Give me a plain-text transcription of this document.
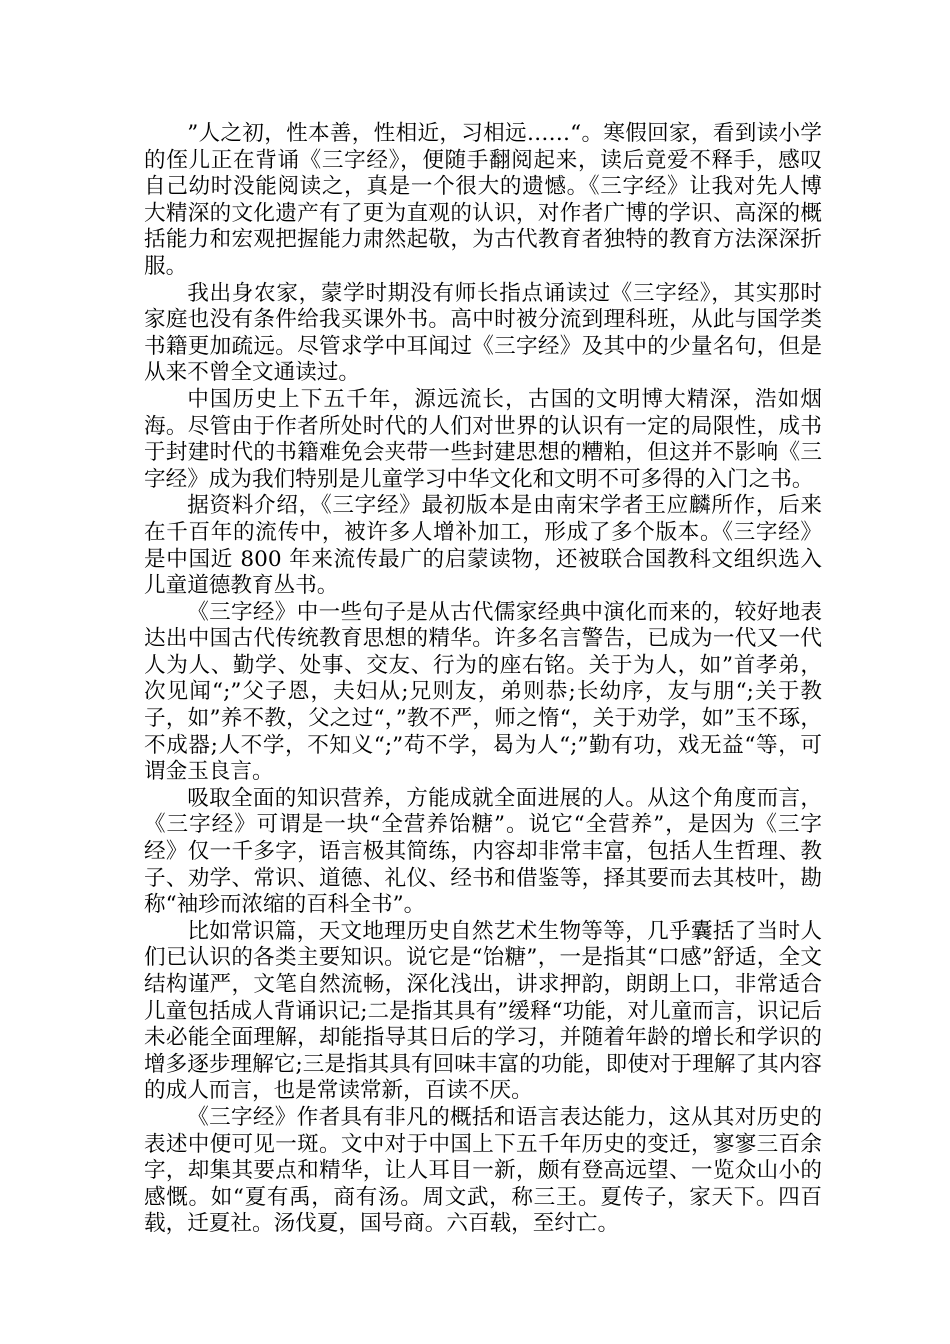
”人之初，性本善，性相近，习相远……“。寒假回家，看到读小学的侄儿正在背诵《三字经》，便随手翻阅起来，读后竟爱不释手，感叹自己幼时没能阅读之，真是一个很大的遗憾。《三字经》让我对先人博大精深的文化遗产有了更为直观的认识，对作者广博的学识、高深的概括能力和宏观把握能力肃然起敬，为古代教育者独特的教育方法深深折服。

我出身农家，蒙学时期没有师长指点诵读过《三字经》，其实那时家庭也没有条件给我买课外书。高中时被分流到理科班，从此与国学类书籍更加疏远。尽管求学中耳闻过《三字经》及其中的少量名句，但是从来不曾全文通读过。

中国历史上下五千年，源远流长，古国的文明博大精深，浩如烟海。尽管由于作者所处时代的人们对世界的认识有一定的局限性，成书于封建时代的书籍难免会夹带一些封建思想的糟粕，但这并不影响《三字经》成为我们特别是儿童学习中华文化和文明不可多得的入门之书。

据资料介绍，《三字经》最初版本是由南宋学者王应麟所作，后来在千百年的流传中，被许多人增补加工，形成了多个版本。《三字经》是中国近 800 年来流传最广的启蒙读物，还被联合国教科文组织选入儿童道德教育丛书。

《三字经》中一些句子是从古代儒家经典中演化而来的，较好地表达出中国古代传统教育思想的精华。许多名言警告，已成为一代又一代人为人、勤学、处事、交友、行为的座右铭。关于为人，如”首孝弟，次见闻“;”父子恩，夫妇从;兄则友，弟则恭;长幼序，友与朋“;关于教子，如”养不教，父之过“，”教不严，师之惰“，关于劝学，如”玉不琢，不成器;人不学，不知义“;”苟不学，曷为人“;”勤有功，戏无益“等，可谓金玉良言。

吸取全面的知识营养，方能成就全面进展的人。从这个角度而言，《三字经》可谓是一块“全营养饴糖”。说它“全营养”，是因为《三字经》仅一千多字，语言极其简练，内容却非常丰富，包括人生哲理、教子、劝学、常识、道德、礼仪、经书和借鉴等，择其要而去其枝叶，勘称“袖珍而浓缩的百科全书”。

比如常识篇，天文地理历史自然艺术生物等等，几乎囊括了当时人们已认识的各类主要知识。说它是“饴糖”，一是指其“口感”舒适，全文结构谨严，文笔自然流畅，深化浅出，讲求押韵，朗朗上口，非常适合儿童包括成人背诵识记;二是指其具有”缓释“功能，对儿童而言，识记后未必能全面理解，却能指导其日后的学习，并随着年龄的增长和学识的增多逐步理解它;三是指其具有回味丰富的功能，即使对于理解了其内容的成人而言，也是常读常新，百读不厌。

《三字经》作者具有非凡的概括和语言表达能力，这从其对历史的表述中便可见一斑。文中对于中国上下五千年历史的变迁，寥寥三百余字，却集其要点和精华，让人耳目一新，颇有登高远望、一览众山小的感慨。如“夏有禹，商有汤。周文武，称三王。夏传子，家天下。四百载，迁夏社。汤伐夏，国号商。六百载，至纣亡。
